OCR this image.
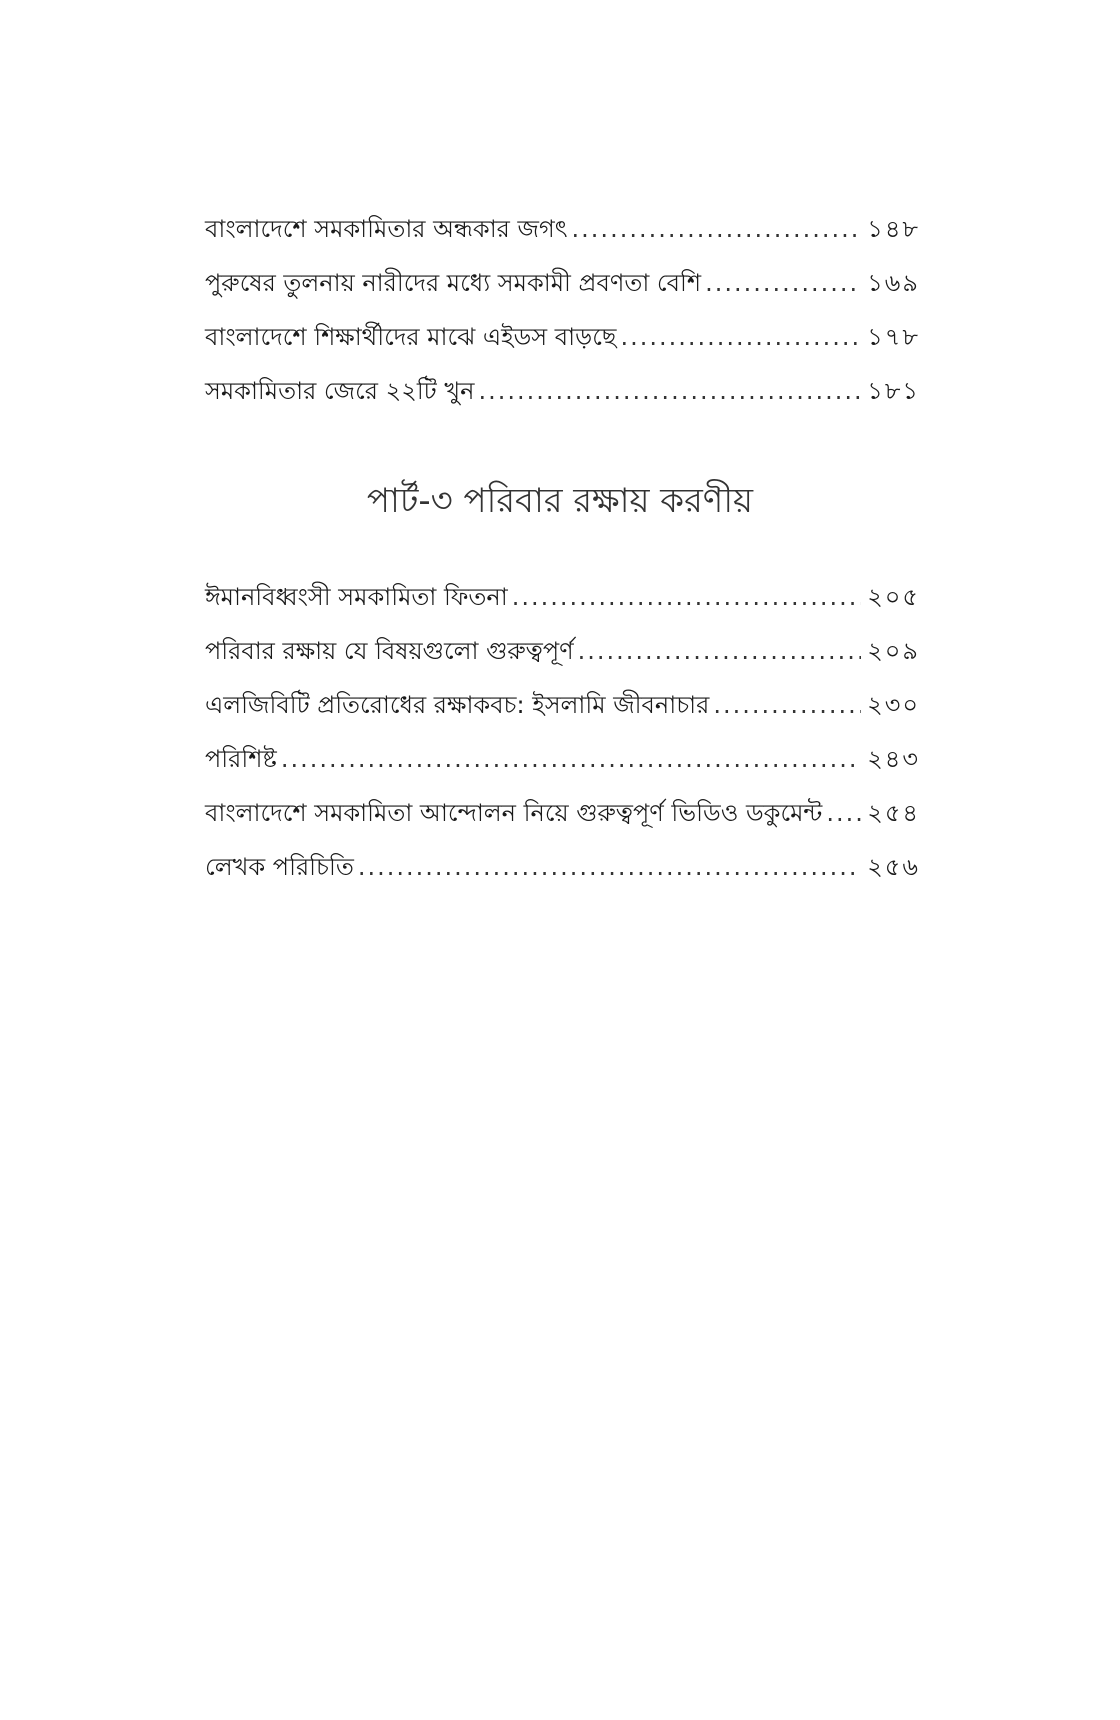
বাংলাদেশে সমকামিতার অন্ধকার জগৎ .....	১৪৮
পুরুষের তুলনায় নারীদের মধ্যে সমকামী প্রবণতা বেশি .....	১৬৯
বাংলাদেশে শিক্ষার্থীদের মাঝে এইডস বাড়ছে .....	১৭৮
সমকামিতার জেরে ২২টি খুন .....	১৮১
পার্ট-৩ পরিবার রক্ষায় করণীয়
ঈমানবিধ্বংসী সমকামিতা ফিতনা .....	২০৫
পরিবার রক্ষায় যে বিষয়গুলো গুরুত্বপূর্ণ .....	২০৯
এলজিবিটি প্রতিরোধের রক্ষাকবচ: ইসলামি জীবনাচার .....	২৩০
পরিশিষ্ট .....	২৪৩
বাংলাদেশে সমকামিতা আন্দোলন নিয়ে গুরুত্বপূর্ণ ভিডিও ডকুমেন্ট ..... ২৫৪
লেখক পরিচিতি .....	২৫৬
